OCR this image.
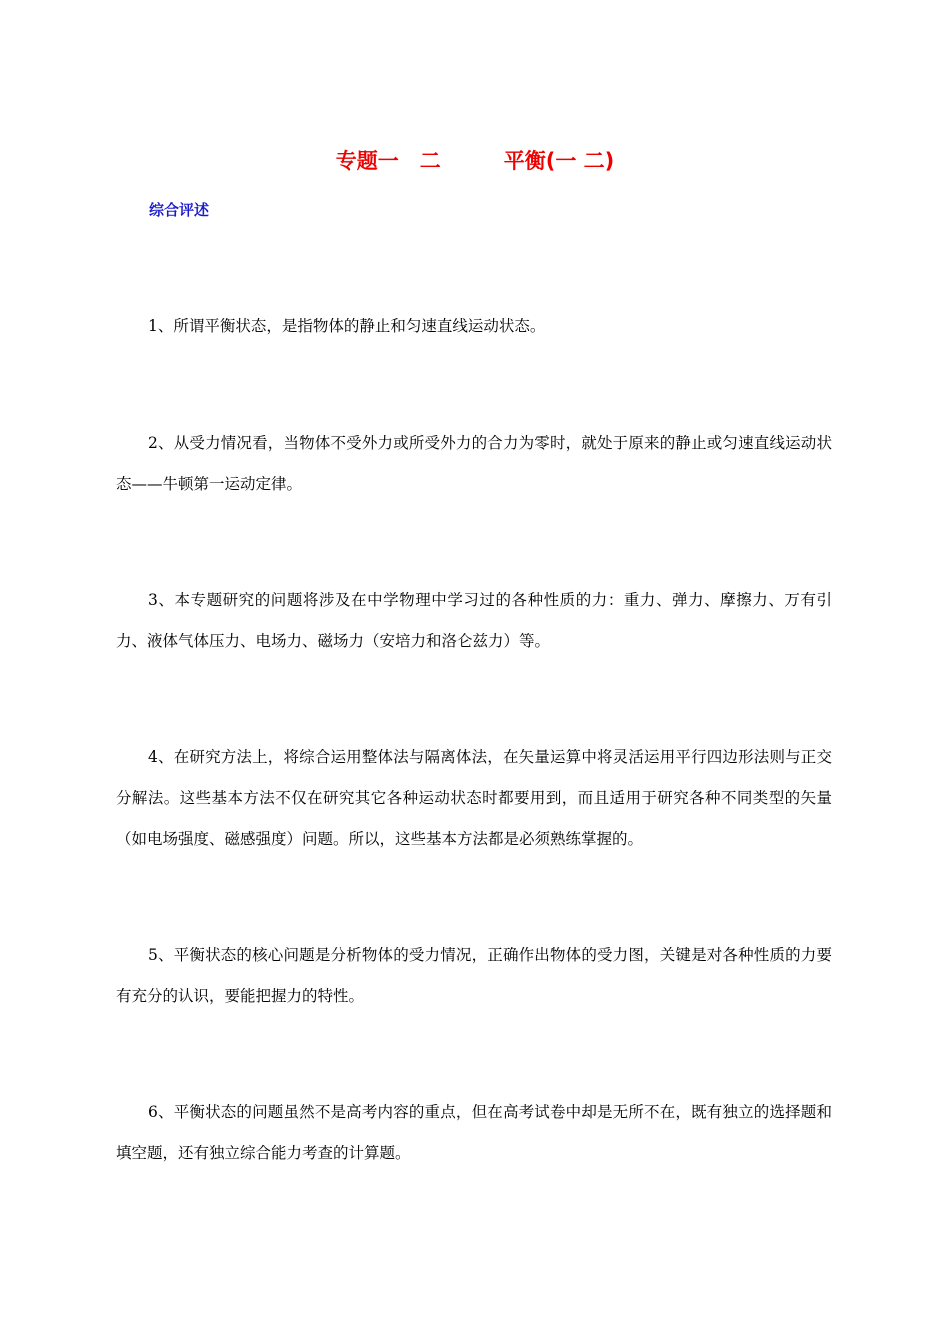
专题一　二　　　平衡(一 二)
综合评述

1、所谓平衡状态，是指物体的静止和匀速直线运动状态。

2、从受力情况看，当物体不受外力或所受外力的合力为零时，就处于原来的静止或匀速直线运动状态——牛顿第一运动定律。

3、本专题研究的问题将涉及在中学物理中学习过的各种性质的力：重力、弹力、摩擦力、万有引力、液体气体压力、电场力、磁场力（安培力和洛仑兹力）等。

4、在研究方法上，将综合运用整体法与隔离体法，在矢量运算中将灵活运用平行四边形法则与正交分解法。这些基本方法不仅在研究其它各种运动状态时都要用到，而且适用于研究各种不同类型的矢量（如电场强度、磁感强度）问题。所以，这些基本方法都是必须熟练掌握的。

5、平衡状态的核心问题是分析物体的受力情况，正确作出物体的受力图，关键是对各种性质的力要有充分的认识，要能把握力的特性。

6、平衡状态的问题虽然不是高考内容的重点，但在高考试卷中却是无所不在，既有独立的选择题和填空题，还有独立综合能力考查的计算题。
